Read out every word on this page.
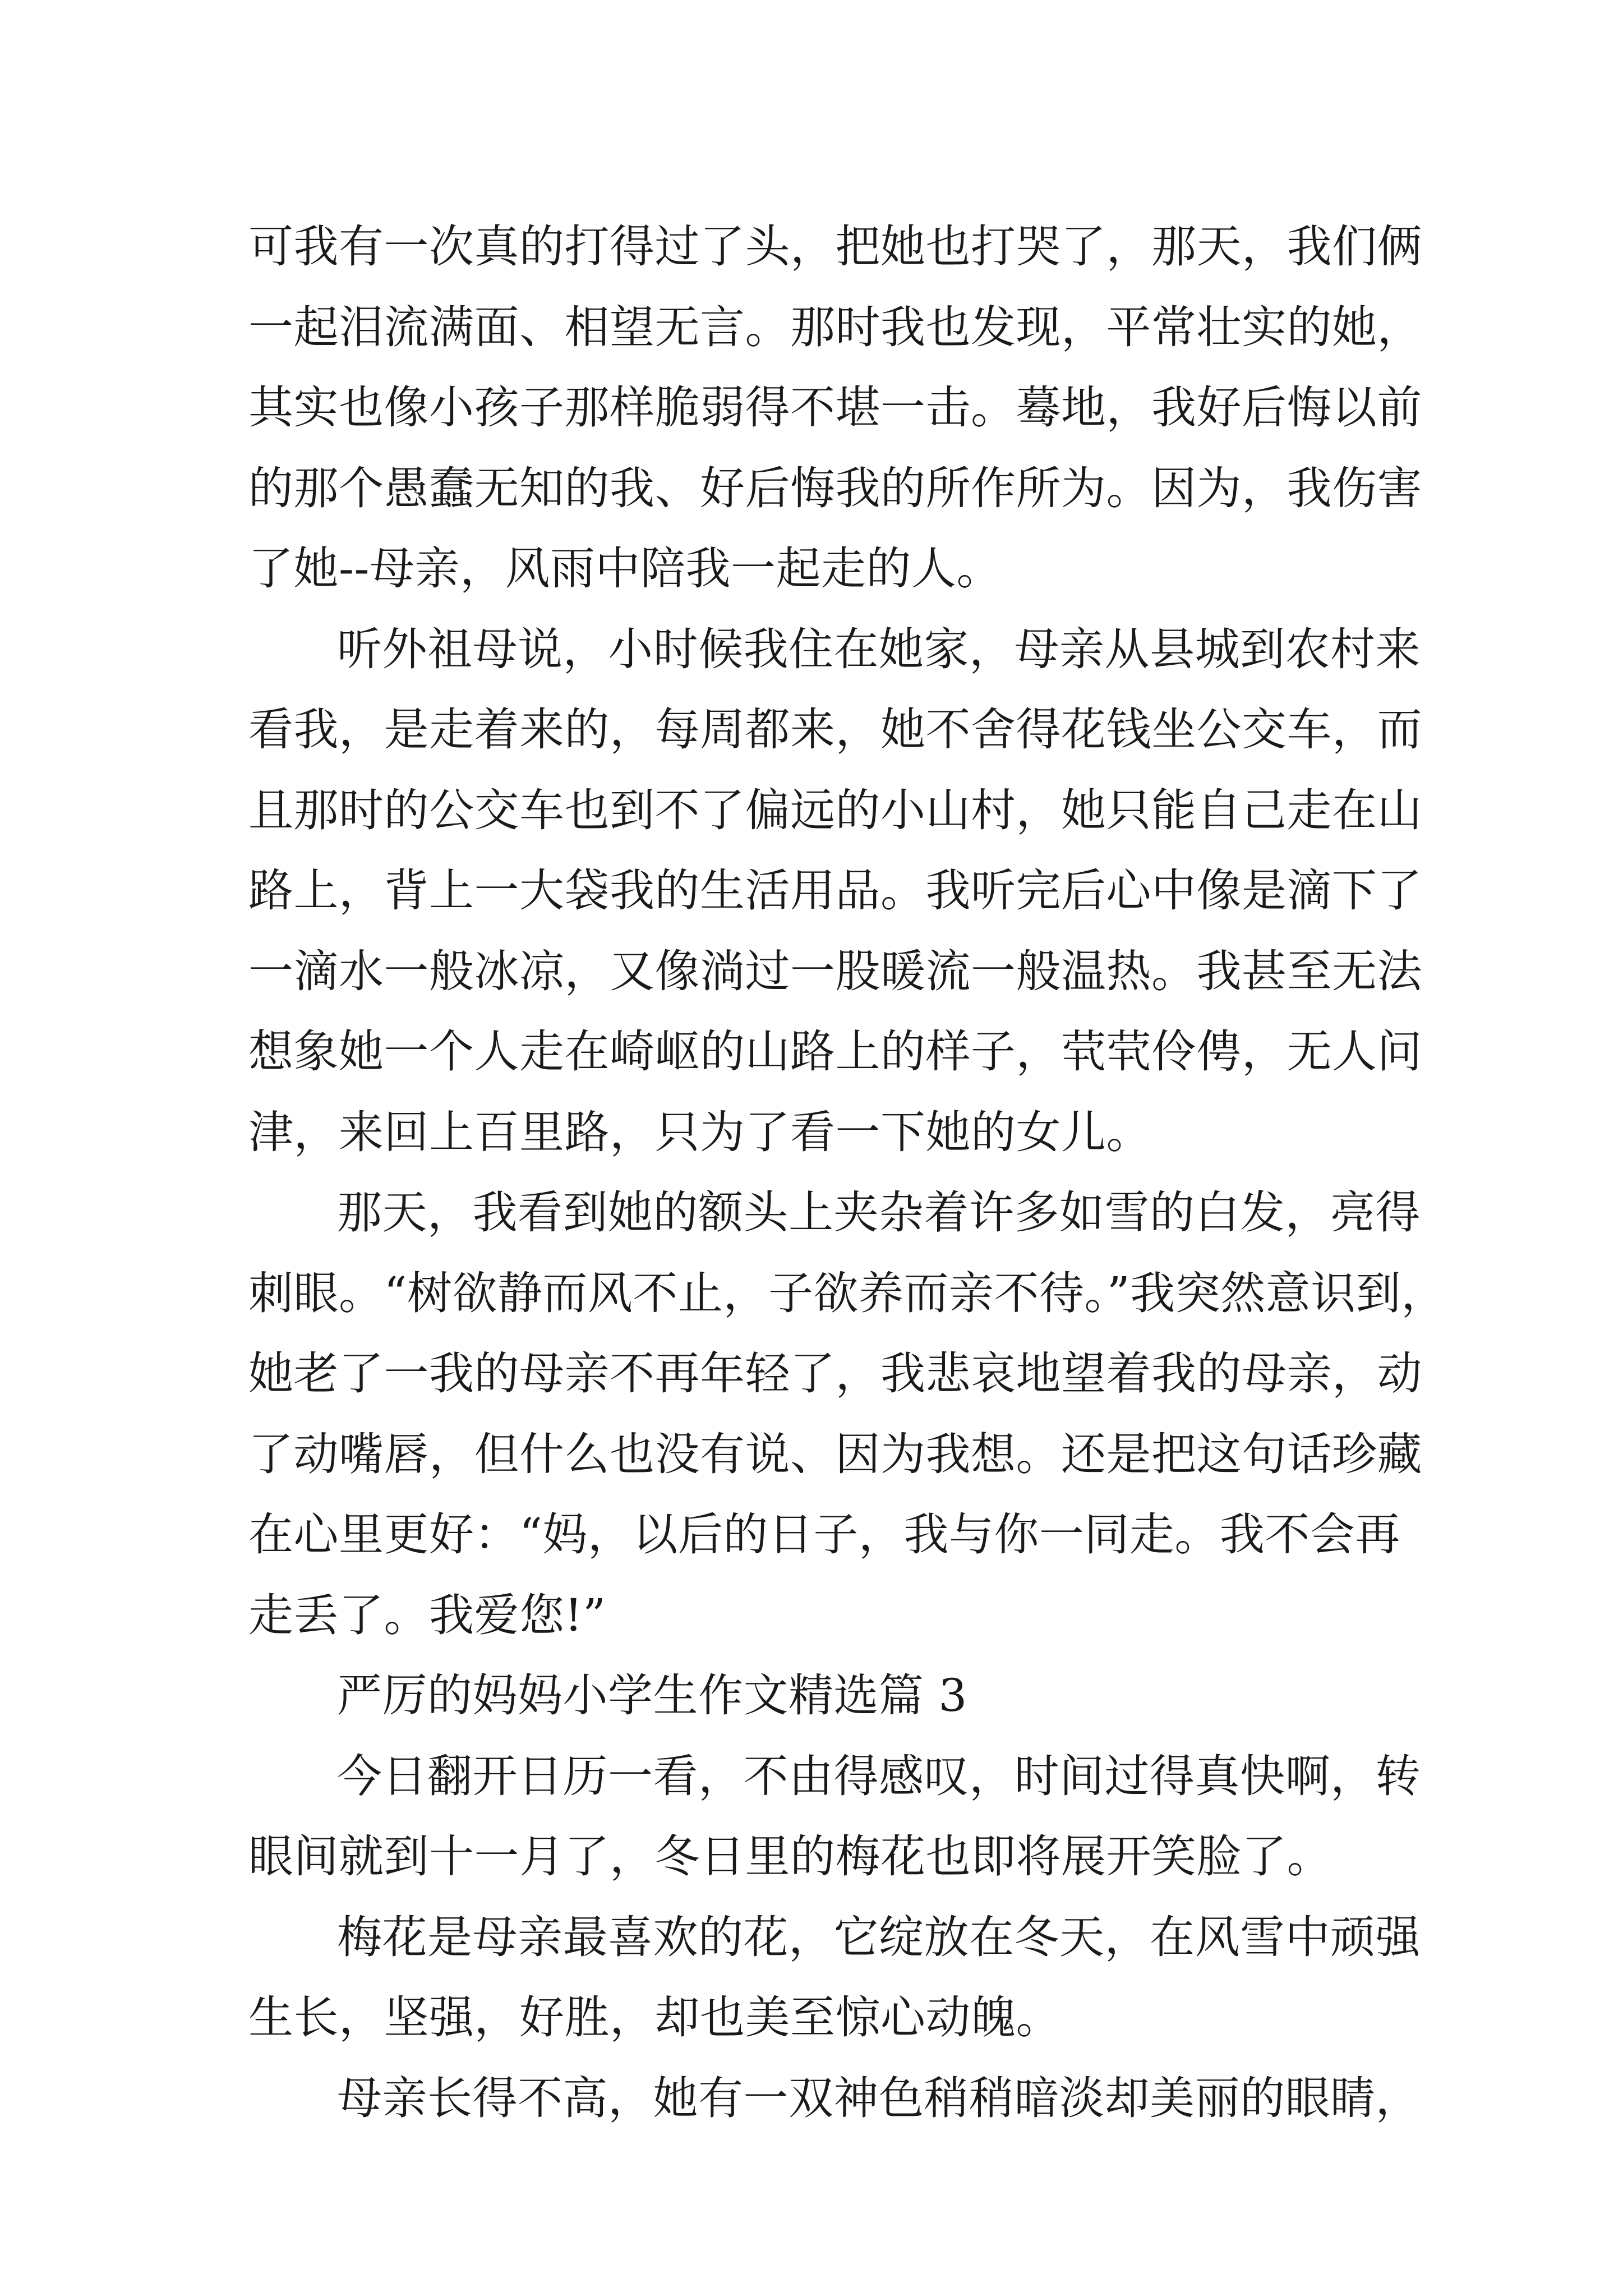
可我有一次真的打得过了头，把她也打哭了，那天，我们俩
一起泪流满面、相望无言。那时我也发现，平常壮实的她，
其实也像小孩子那样脆弱得不堪一击。蓦地，我好后悔以前
的那个愚蠢无知的我、好后悔我的所作所为。因为，我伤害
了她--母亲，风雨中陪我一起走的人。
听外祖母说，小时候我住在她家，母亲从县城到农村来
看我，是走着来的，每周都来，她不舍得花钱坐公交车，而
且那时的公交车也到不了偏远的小山村，她只能自己走在山
路上，背上一大袋我的生活用品。我听完后心中像是滴下了
一滴水一般冰凉，又像淌过一股暖流一般温热。我甚至无法
想象她一个人走在崎岖的山路上的样子，茕茕伶俜，无人问
津，来回上百里路，只为了看一下她的女儿。
那天，我看到她的额头上夹杂着许多如雪的白发，亮得
刺眼。“树欲静而风不止，子欲养而亲不待。”我突然意识到，
她老了一我的母亲不再年轻了，我悲哀地望着我的母亲，动
了动嘴唇，但什么也没有说、因为我想。还是把这句话珍藏
在心里更好：“妈，以后的日子，我与你一同走。我不会再
走丢了。我爱您!”
严厉的妈妈小学生作文精选篇 3
今日翻开日历一看，不由得感叹，时间过得真快啊，转
眼间就到十一月了，冬日里的梅花也即将展开笑脸了。
梅花是母亲最喜欢的花，它绽放在冬天，在风雪中顽强
生长，坚强，好胜，却也美至惊心动魄。
母亲长得不高，她有一双神色稍稍暗淡却美丽的眼睛，
